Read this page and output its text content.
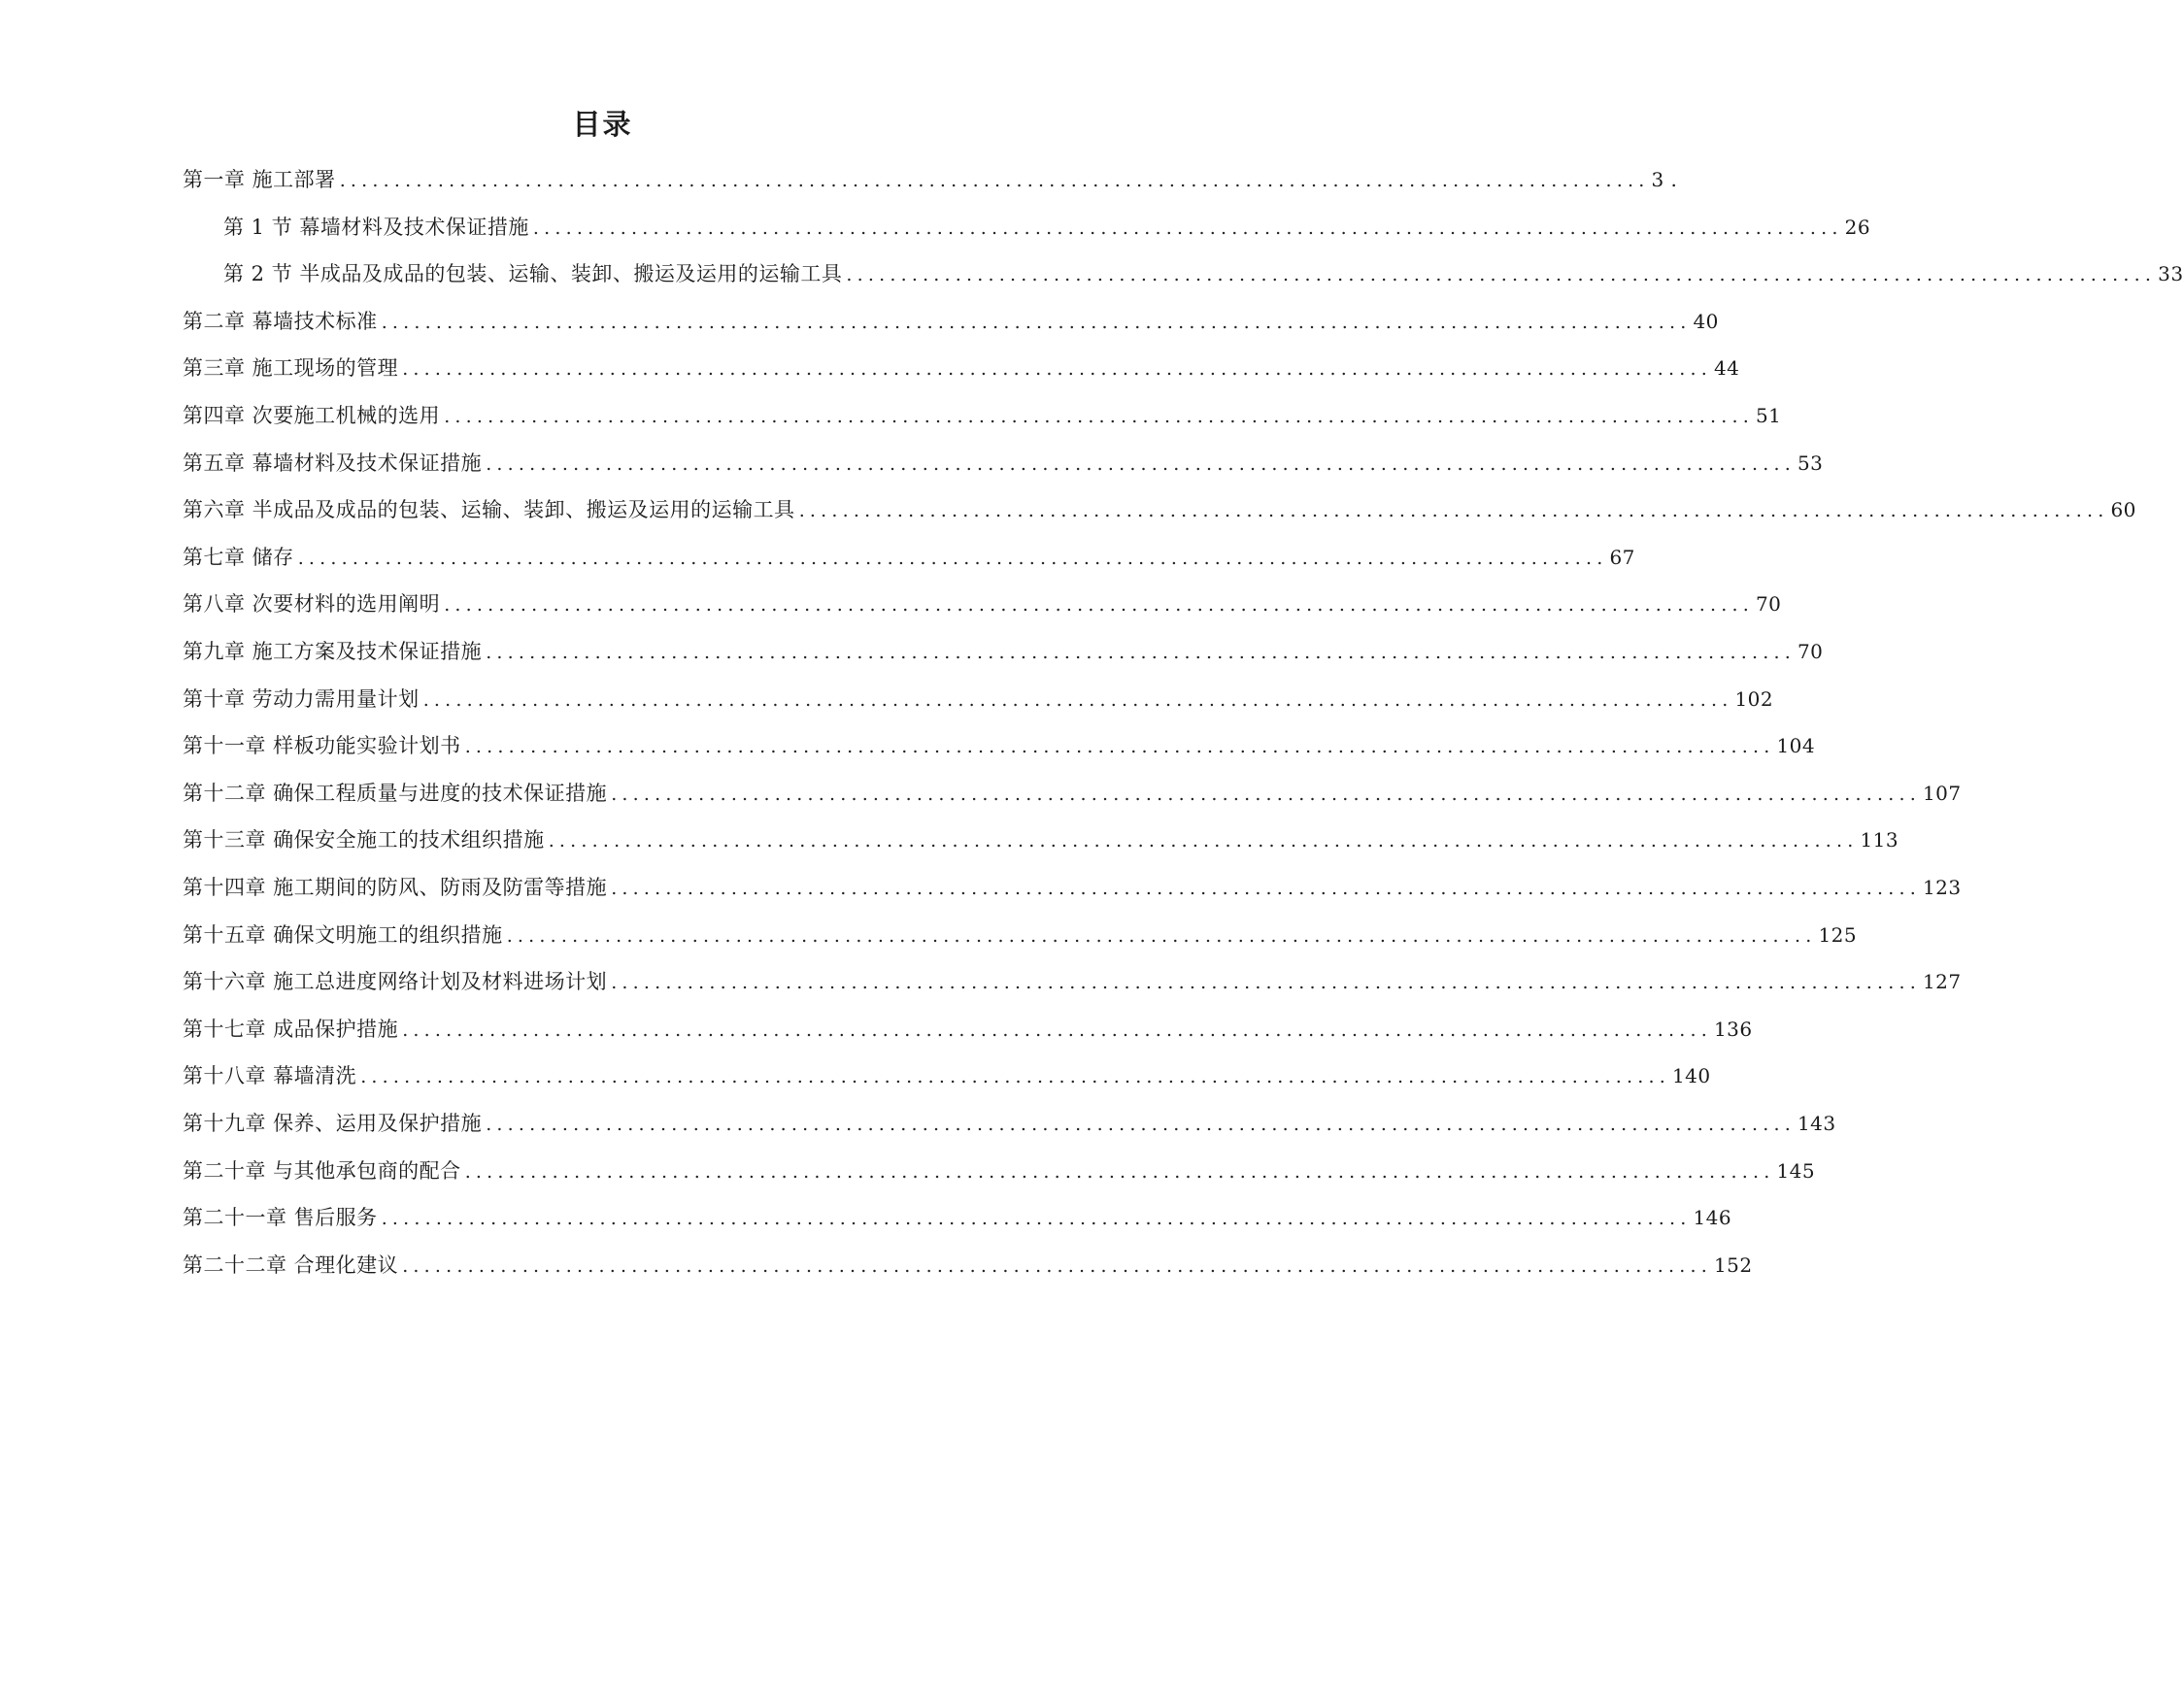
目录
第一章 施工部署 ........................................................................................................................ 3 .
第 1 节 幕墙材料及技术保证措施 ........................................................................................................................ 26
第 2 节 半成品及成品的包装、运输、装卸、搬运及运用的运输工具 ........................................................................................................................ 33
第二章 幕墙技术标准 ........................................................................................................................ 40
第三章 施工现场的管理 ........................................................................................................................ 44
第四章 次要施工机械的选用 ........................................................................................................................ 51
第五章 幕墙材料及技术保证措施 ........................................................................................................................ 53
第六章 半成品及成品的包装、运输、装卸、搬运及运用的运输工具 ........................................................................................................................ 60
第七章 储存 ........................................................................................................................ 67
第八章 次要材料的选用阐明 ........................................................................................................................ 70
第九章 施工方案及技术保证措施 ........................................................................................................................ 70
第十章 劳动力需用量计划 ........................................................................................................................ 102
第十一章 样板功能实验计划书 ........................................................................................................................ 104
第十二章 确保工程质量与进度的技术保证措施 ........................................................................................................................ 107
第十三章 确保安全施工的技术组织措施 ........................................................................................................................ 113
第十四章 施工期间的防风、防雨及防雷等措施 ........................................................................................................................ 123
第十五章 确保文明施工的组织措施 ........................................................................................................................ 125
第十六章 施工总进度网络计划及材料进场计划 ........................................................................................................................ 127
第十七章 成品保护措施 ........................................................................................................................ 136
第十八章 幕墙清洗 ........................................................................................................................ 140
第十九章 保养、运用及保护措施 ........................................................................................................................ 143
第二十章 与其他承包商的配合 ........................................................................................................................ 145
第二十一章 售后服务 ........................................................................................................................ 146
第二十二章 合理化建议 ........................................................................................................................ 152
